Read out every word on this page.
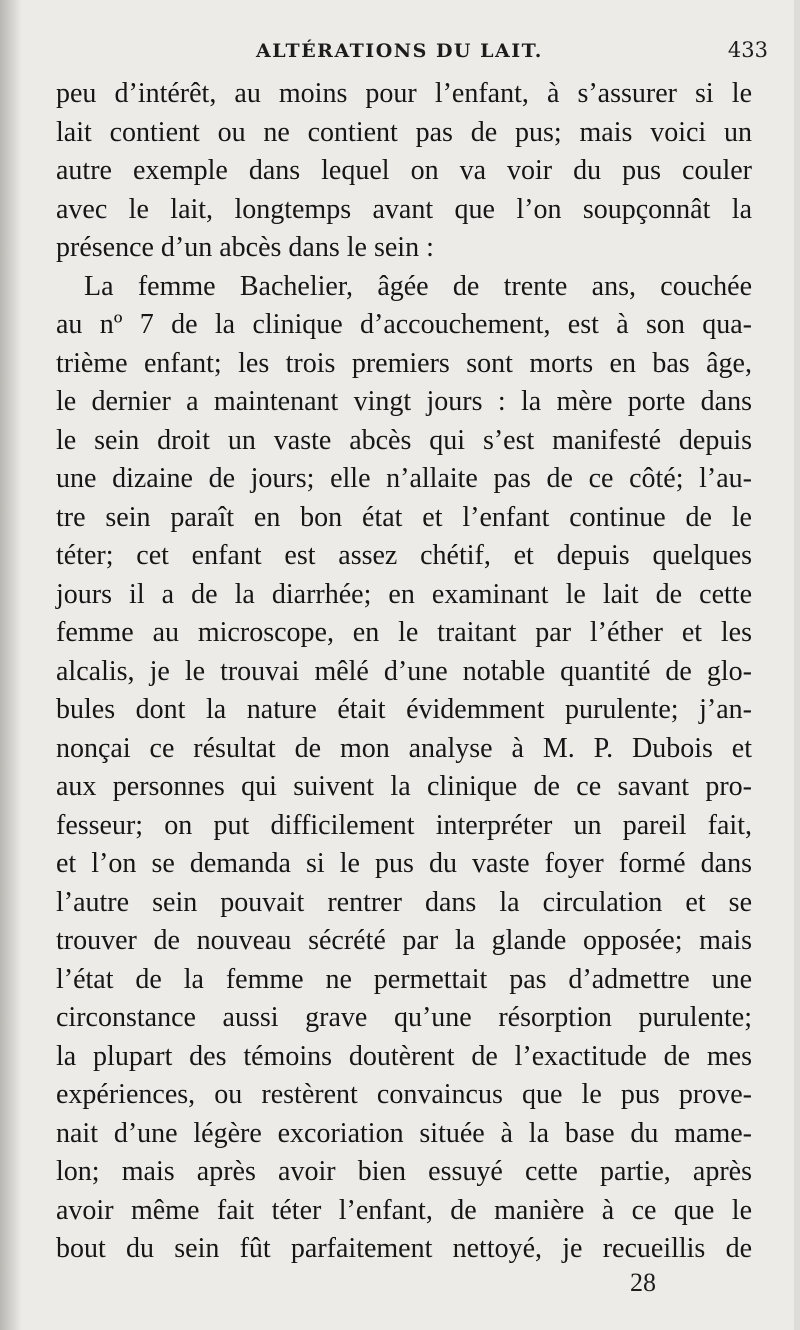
ALTÉRATIONS DU LAIT.	433
peu d’intérêt, au moins pour l’enfant, à s’assurer si le
lait contient ou ne contient pas de pus; mais voici un
autre exemple dans lequel on va voir du pus couler
avec le lait, longtemps avant que l’on soupçonnât la
présence d’un abcès dans le sein :
La femme Bachelier, âgée de trente ans, couchée
au nº 7 de la clinique d’accouchement, est à son qua-
trième enfant; les trois premiers sont morts en bas âge,
le dernier a maintenant vingt jours : la mère porte dans
le sein droit un vaste abcès qui s’est manifesté depuis
une dizaine de jours; elle n’allaite pas de ce côté; l’au-
tre sein paraît en bon état et l’enfant continue de le
téter; cet enfant est assez chétif, et depuis quelques
jours il a de la diarrhée; en examinant le lait de cette
femme au microscope, en le traitant par l’éther et les
alcalis, je le trouvai mêlé d’une notable quantité de glo-
bules dont la nature était évidemment purulente; j’an-
nonçai ce résultat de mon analyse à M. P. Dubois et
aux personnes qui suivent la clinique de ce savant pro-
fesseur; on put difficilement interpréter un pareil fait,
et l’on se demanda si le pus du vaste foyer formé dans
l’autre sein pouvait rentrer dans la circulation et se
trouver de nouveau sécrété par la glande opposée; mais
l’état de la femme ne permettait pas d’admettre une
circonstance aussi grave qu’une résorption purulente;
la plupart des témoins doutèrent de l’exactitude de mes
expériences, ou restèrent convaincus que le pus prove-
nait d’une légère excoriation située à la base du mame-
lon; mais après avoir bien essuyé cette partie, après
avoir même fait téter l’enfant, de manière à ce que le
bout du sein fût parfaitement nettoyé, je recueillis de
28
